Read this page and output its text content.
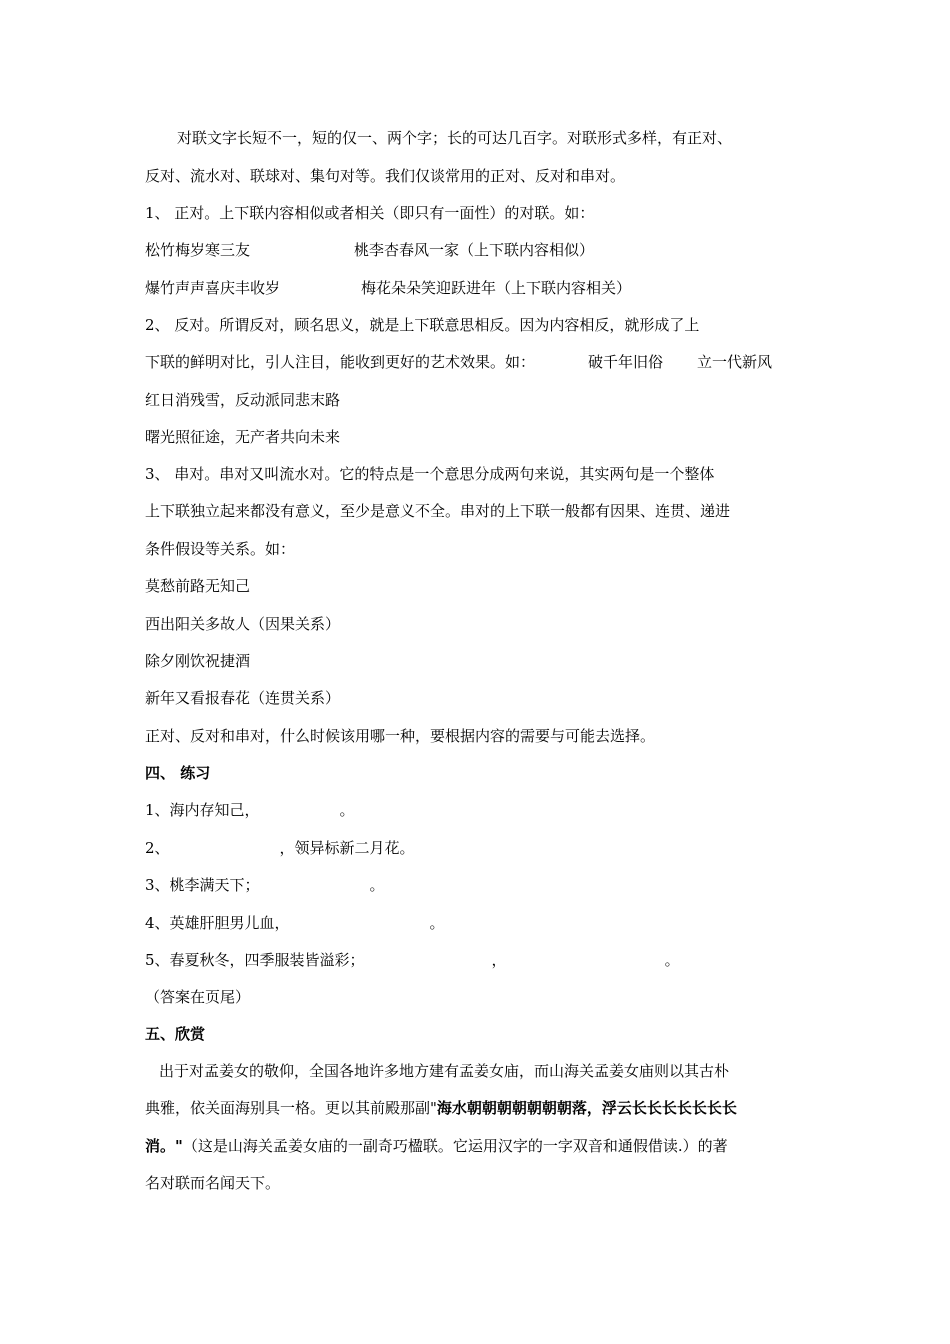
对联文字长短不一，短的仅一、两个字；长的可达几百字。对联形式多样，有正对、
反对、流水对、联球对、集句对等。我们仅谈常用的正对、反对和串对。
1、 正对。上下联内容相似或者相关（即只有一面性）的对联。如：
松竹梅岁寒三友	桃李杏春风一家（上下联内容相似）
爆竹声声喜庆丰收岁	梅花朵朵笑迎跃进年（上下联内容相关）
2、 反对。所谓反对，顾名思义，就是上下联意思相反。因为内容相反，就形成了上
下联的鲜明对比，引人注目，能收到更好的艺术效果。如：	破千年旧俗 立一代新风
红日消残雪，反动派同悲末路
曙光照征途，无产者共向未来
3、 串对。串对又叫流水对。它的特点是一个意思分成两句来说，其实两句是一个整体
上下联独立起来都没有意义，至少是意义不全。串对的上下联一般都有因果、连贯、递进
条件假设等关系。如：
莫愁前路无知己
西出阳关多故人（因果关系）
除夕刚饮祝捷酒
新年又看报春花（连贯关系）
正对、反对和串对，什么时候该用哪一种，要根据内容的需要与可能去选择。
四、 练习
1、海内存知己，	。
2、	，领异标新二月花。
3、桃李满天下；	。
4、英雄肝胆男儿血，	。
5、春夏秋冬，四季服装皆溢彩；	，	。
（答案在页尾）
五、欣赏
出于对孟姜女的敬仰，全国各地许多地方建有孟姜女庙，而山海关孟姜女庙则以其古朴
典雅，依关面海别具一格。更以其前殿那副"海水朝朝朝朝朝朝朝落，浮云长长长长长长长
消。"（这是山海关孟姜女庙的一副奇巧楹联。它运用汉字的一字双音和通假借读.）的著
名对联而名闻天下。
